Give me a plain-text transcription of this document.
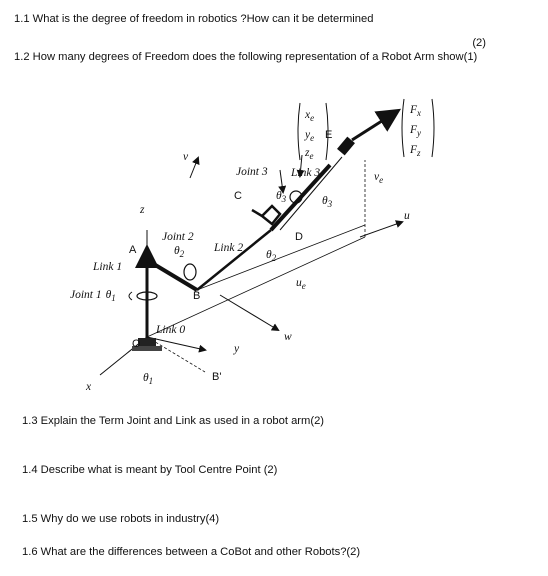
1.1 What is the degree of freedom in robotics ?How can it be determined
(2)
1.2 How many degrees of Freedom does the following representation of a Robot Arm show(1)
$x_e$
$y_e$
$z_e$
E
$F_x$
$F_y$
$F_z$
v
Joint 3 Link 3	$v_e$
C	$\theta_3$	$\theta_3$
z	u
Joint 2	D
A	$\theta_2$	Link 2
$\theta_2$
Link 1
$u_e$
Joint 1 $\theta_1$	B
Link 0
w
O	y
$\theta_1$	B'
x
1.3 Explain the Term Joint and Link as used in a robot arm(2)
1.4 Describe what is meant by Tool Centre Point (2)
1.5 Why do we use robots in industry(4)
1.6 What are the differences between a CoBot and other Robots?(2)
